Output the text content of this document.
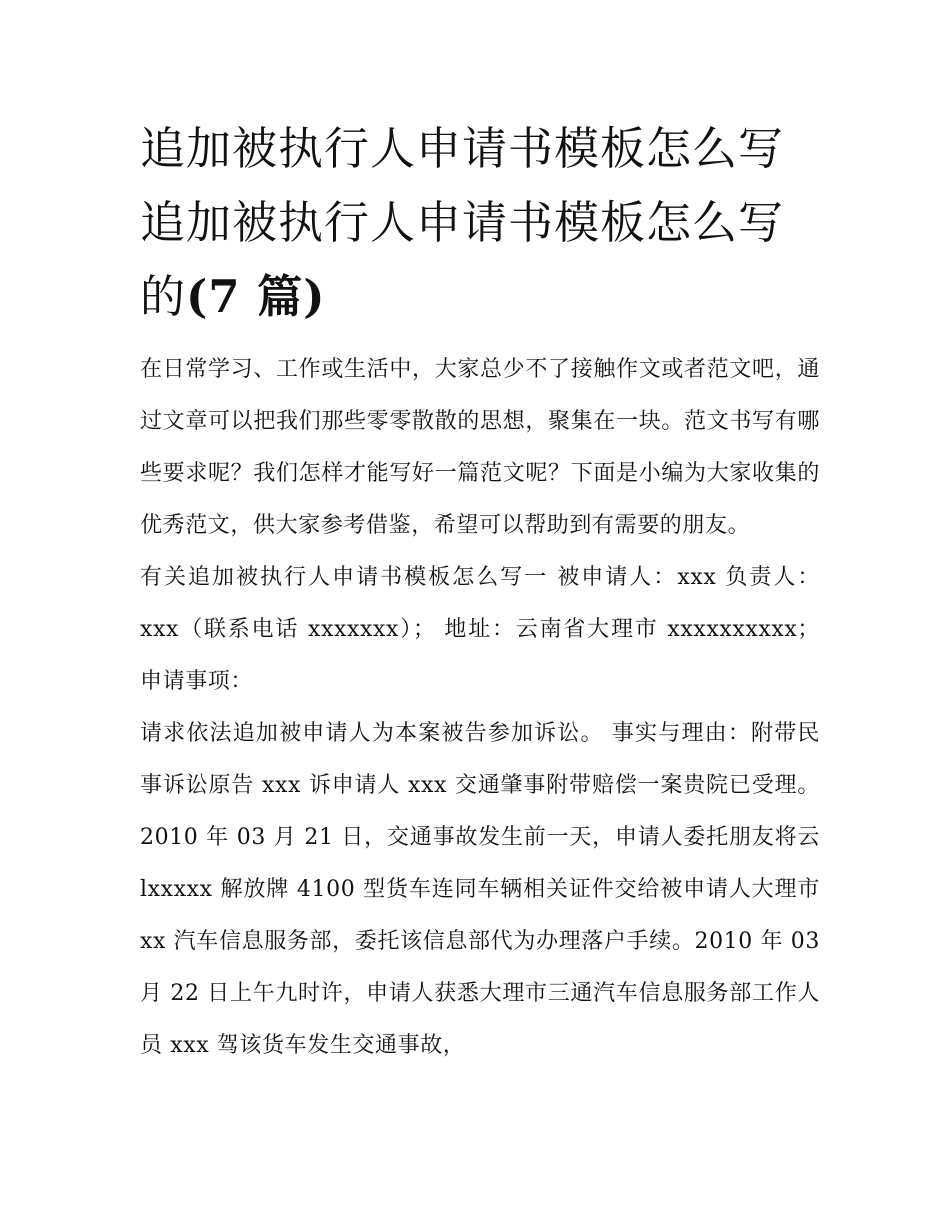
追加被执行人申请书模板怎么写 追加被执行人申请书模板怎么写的(7 篇)

在日常学习、工作或生活中，大家总少不了接触作文或者范文吧，通过文章可以把我们那些零零散散的思想，聚集在一块。范文书写有哪些要求呢？我们怎样才能写好一篇范文呢？下面是小编为大家收集的优秀范文，供大家参考借鉴，希望可以帮助到有需要的朋友。

有关追加被执行人申请书模板怎么写一 被申请人：xxx 负责人：xxx（联系电话 xxxxxxx）； 地址：云南省大理市 xxxxxxxxxx； 申请事项：

请求依法追加被申请人为本案被告参加诉讼。 事实与理由：附带民事诉讼原告 xxx 诉申请人 xxx 交通肇事附带赔偿一案贵院已受理。2010 年 03 月 21 日，交通事故发生前一天，申请人委托朋友将云 lxxxxx 解放牌 4100 型货车连同车辆相关证件交给被申请人大理市 xx 汽车信息服务部，委托该信息部代为办理落户手续。2010 年 03 月 22 日上午九时许，申请人获悉大理市三通汽车信息服务部工作人员 xxx 驾该货车发生交通事故，
